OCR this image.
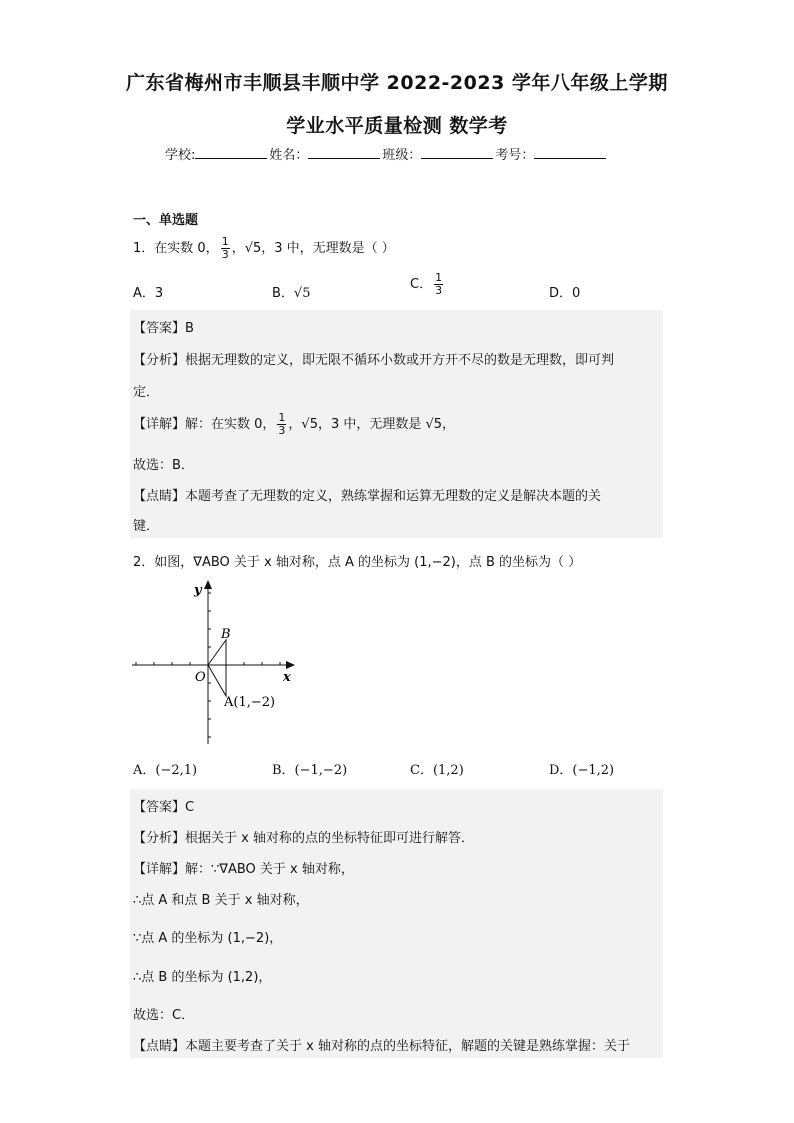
广东省梅州市丰顺县丰顺中学 2022-2023 学年八年级上学期
学业水平质量检测 数学考
学校:	姓名：	班级：	考号：
一、单选题
1．在实数 0， $\frac{1}{3}$ ，√5，3 中，无理数是（ ）
A．3	B．√5
C． $\frac{1}{3}$	D．0
【答案】B
【分析】根据无理数的定义，即无限不循环小数或开方开不尽的数是无理数，即可判
定．
【详解】解：在实数 0， $\frac{1}{3}$ ，√5，3 中，无理数是 √5，
故选：B．
【点睛】本题考查了无理数的定义，熟练掌握和运算无理数的定义是解决本题的关
键．
2．如图，∇ABO 关于 x 轴对称，点 A 的坐标为 (1,−2)，点 B 的坐标为（ ）
y
x
O
B
A(1,−2)
A．(−2,1)	B．(−1,−2)	C．(1,2)	D．(−1,2)
【答案】C
【分析】根据关于 x 轴对称的点的坐标特征即可进行解答．
【详解】解：∵∇ABO 关于 x 轴对称，
∴点 A 和点 B 关于 x 轴对称，
∵点 A 的坐标为 (1,−2)，
∴点 B 的坐标为 (1,2)，
故选：C．
【点睛】本题主要考查了关于 x 轴对称的点的坐标特征，解题的关键是熟练掌握：关于
